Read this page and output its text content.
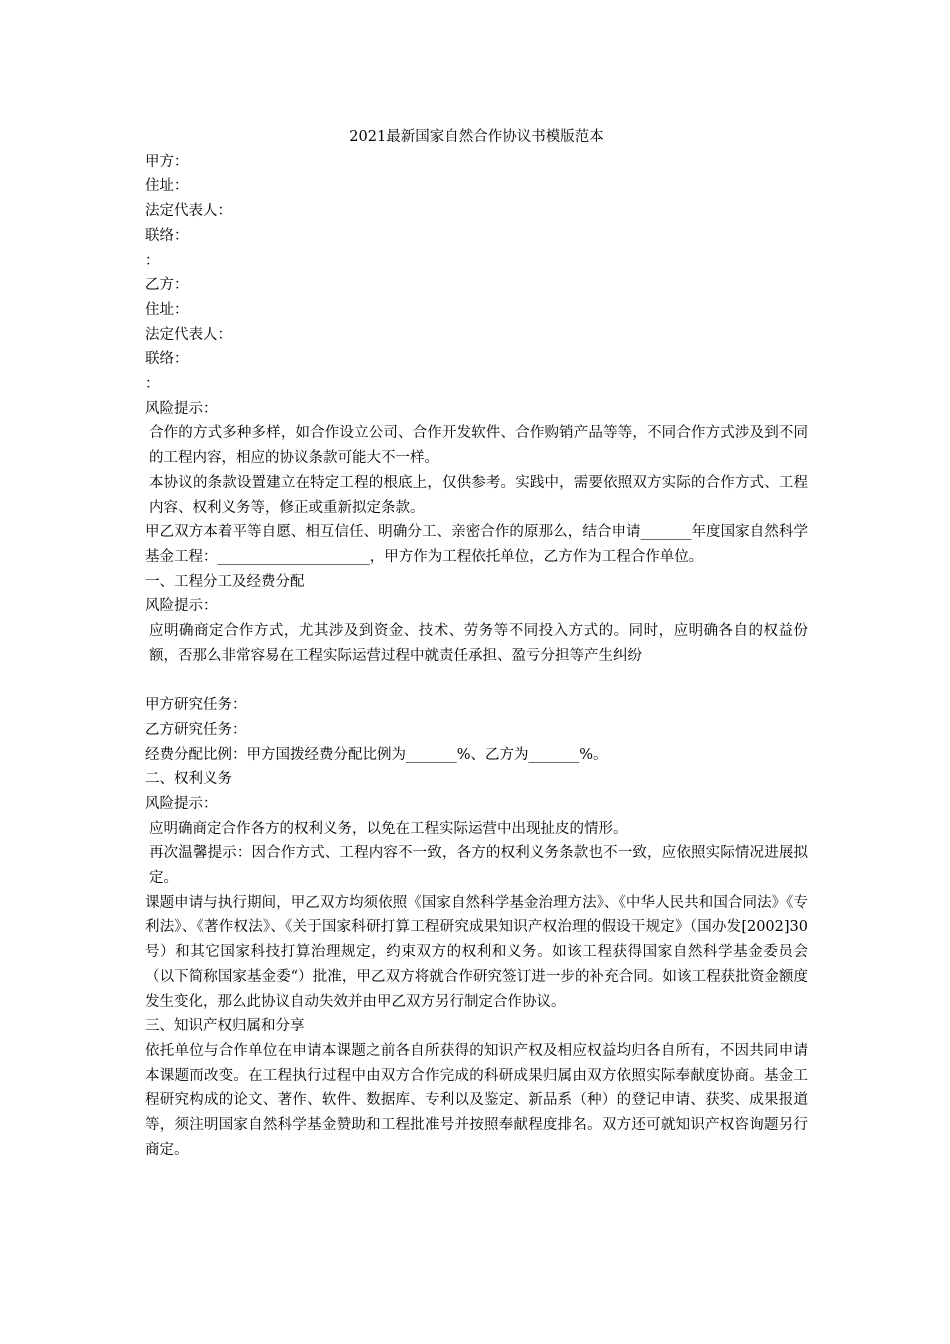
2021最新国家自然合作协议书模版范本

甲方：

住址：

法定代表人：

联络：

：

乙方：

住址：

法定代表人：

联络：

：

风险提示：

合作的方式多种多样，如合作设立公司、合作开发软件、合作购销产品等等，不同合作方式涉及到不同的工程内容，相应的协议条款可能大不一样。

本协议的条款设置建立在特定工程的根底上，仅供参考。实践中，需要依照双方实际的合作方式、工程内容、权利义务等，修正或重新拟定条款。

甲乙双方本着平等自愿、相互信任、明确分工、亲密合作的原那么，结合申请_______年度国家自然科学基金工程：_____________________，甲方作为工程依托单位，乙方作为工程合作单位。

一、工程分工及经费分配

风险提示：

应明确商定合作方式，尤其涉及到资金、技术、劳务等不同投入方式的。同时，应明确各自的权益份额，否那么非常容易在工程实际运营过程中就责任承担、盈亏分担等产生纠纷

甲方研究任务：

乙方研究任务：

经费分配比例：甲方国拨经费分配比例为_______%、乙方为_______%。

二、权利义务

风险提示：

应明确商定合作各方的权利义务，以免在工程实际运营中出现扯皮的情形。

再次温馨提示：因合作方式、工程内容不一致，各方的权利义务条款也不一致，应依照实际情况进展拟定。

课题申请与执行期间，甲乙双方均须依照《国家自然科学基金治理方法》、《中华人民共和国合同法》《专利法》、《著作权法》、《关于国家科研打算工程研究成果知识产权治理的假设干规定》（国办发[2002]30号）和其它国家科技打算治理规定，约束双方的权利和义务。如该工程获得国家自然科学基金委员会（以下简称国家基金委“）批准，甲乙双方将就合作研究签订进一步的补充合同。如该工程获批资金额度发生变化，那么此协议自动失效并由甲乙双方另行制定合作协议。

三、知识产权归属和分享

依托单位与合作单位在申请本课题之前各自所获得的知识产权及相应权益均归各自所有，不因共同申请本课题而改变。在工程执行过程中由双方合作完成的科研成果归属由双方依照实际奉献度协商。基金工程研究构成的论文、著作、软件、数据库、专利以及鉴定、新品系（种）的登记申请、获奖、成果报道等，须注明国家自然科学基金赞助和工程批准号并按照奉献程度排名。双方还可就知识产权咨询题另行商定。
